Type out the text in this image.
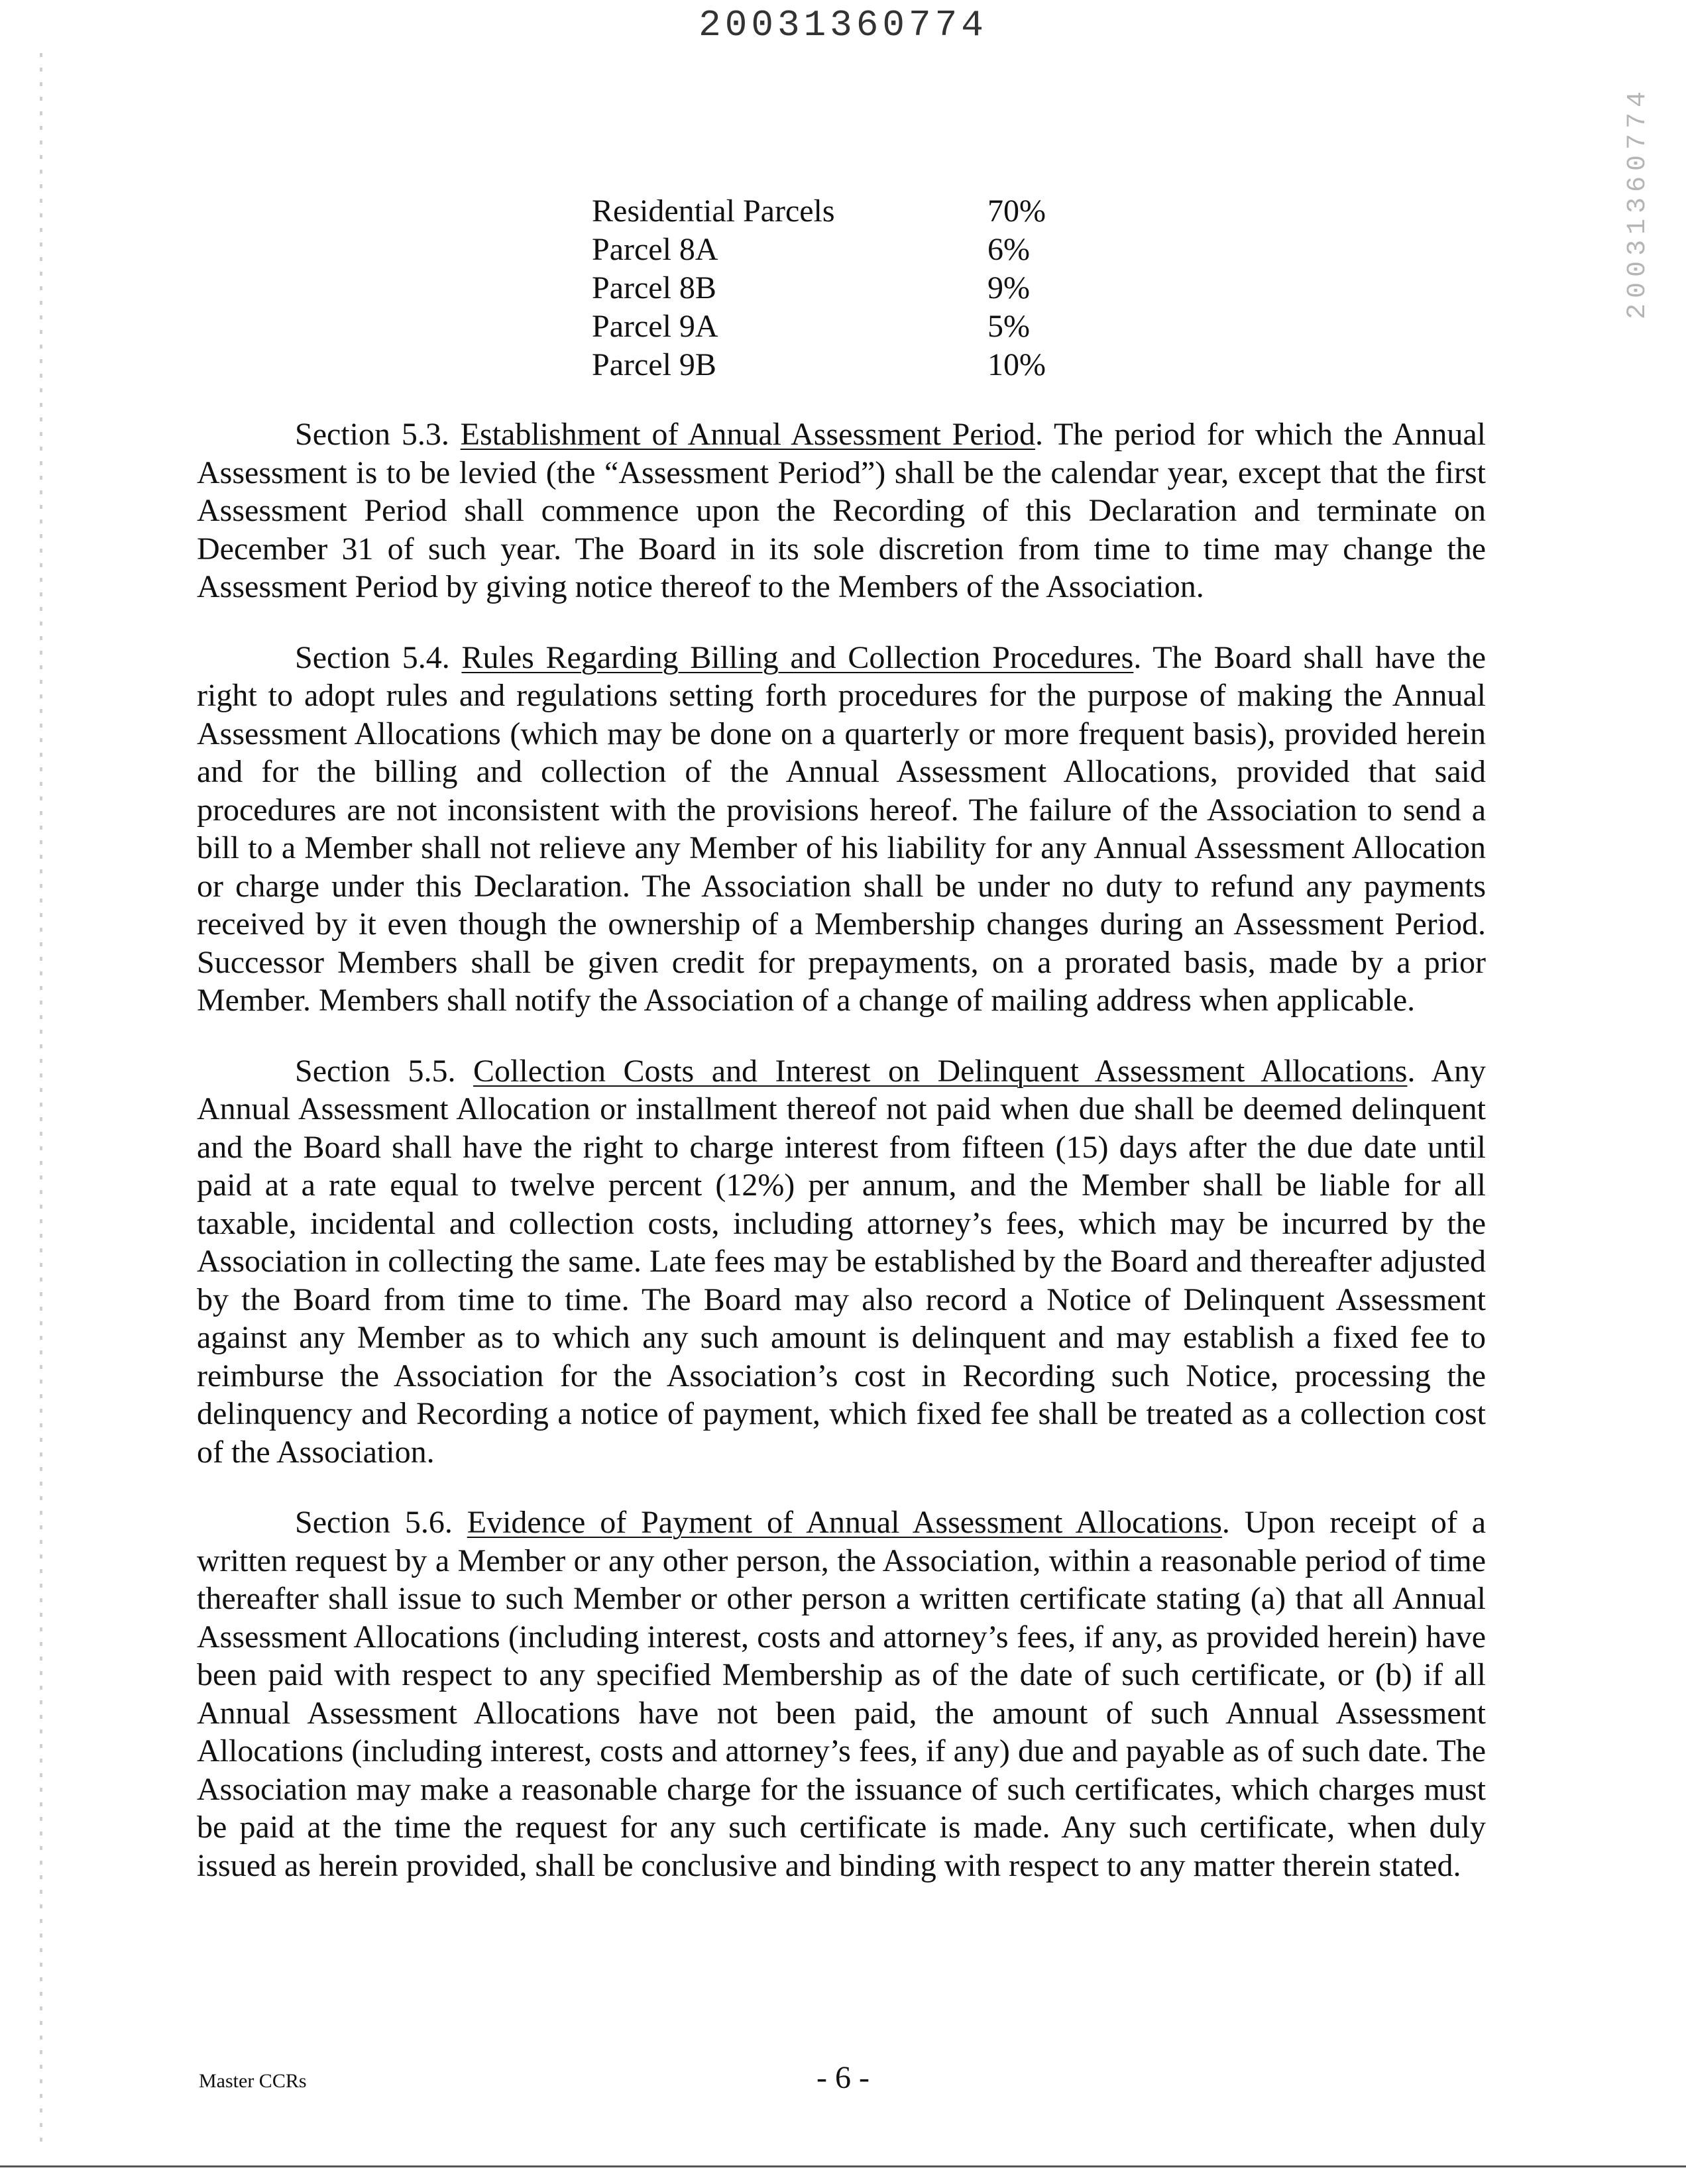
20031360774
20031360774
Residential Parcels	70%
Parcel 8A	6%
Parcel 8B	9%
Parcel 9A	5%
Parcel 9B	10%

Section 5.3. Establishment of Annual Assessment Period. The period for which the Annual Assessment is to be levied (the “Assessment Period”) shall be the calendar year, except that the first Assessment Period shall commence upon the Recording of this Declaration and terminate on December 31 of such year. The Board in its sole discretion from time to time may change the Assessment Period by giving notice thereof to the Members of the Association.

Section 5.4. Rules Regarding Billing and Collection Procedures. The Board shall have the right to adopt rules and regulations setting forth procedures for the purpose of making the Annual Assessment Allocations (which may be done on a quarterly or more frequent basis), provided herein and for the billing and collection of the Annual Assessment Allocations, provided that said procedures are not inconsistent with the provisions hereof. The failure of the Association to send a bill to a Member shall not relieve any Member of his liability for any Annual Assessment Allocation or charge under this Declaration. The Association shall be under no duty to refund any payments received by it even though the ownership of a Membership changes during an Assessment Period. Successor Members shall be given credit for prepayments, on a prorated basis, made by a prior Member. Members shall notify the Association of a change of mailing address when applicable.

Section 5.5. Collection Costs and Interest on Delinquent Assessment Allocations. Any Annual Assessment Allocation or installment thereof not paid when due shall be deemed delinquent and the Board shall have the right to charge interest from fifteen (15) days after the due date until paid at a rate equal to twelve percent (12%) per annum, and the Member shall be liable for all taxable, incidental and collection costs, including attorney’s fees, which may be incurred by the Association in collecting the same. Late fees may be established by the Board and thereafter adjusted by the Board from time to time. The Board may also record a Notice of Delinquent Assessment against any Member as to which any such amount is delinquent and may establish a fixed fee to reimburse the Association for the Association’s cost in Recording such Notice, processing the delinquency and Recording a notice of payment, which fixed fee shall be treated as a collection cost of the Association.

Section 5.6. Evidence of Payment of Annual Assessment Allocations. Upon receipt of a written request by a Member or any other person, the Association, within a reasonable period of time thereafter shall issue to such Member or other person a written certificate stating (a) that all Annual Assessment Allocations (including interest, costs and attorney’s fees, if any, as provided herein) have been paid with respect to any specified Membership as of the date of such certificate, or (b) if all Annual Assessment Allocations have not been paid, the amount of such Annual Assessment Allocations (including interest, costs and attorney’s fees, if any) due and payable as of such date. The Association may make a reasonable charge for the issuance of such certificates, which charges must be paid at the time the request for any such certificate is made. Any such certificate, when duly issued as herein provided, shall be conclusive and binding with respect to any matter therein stated.

Master CCRs	- 6 -
